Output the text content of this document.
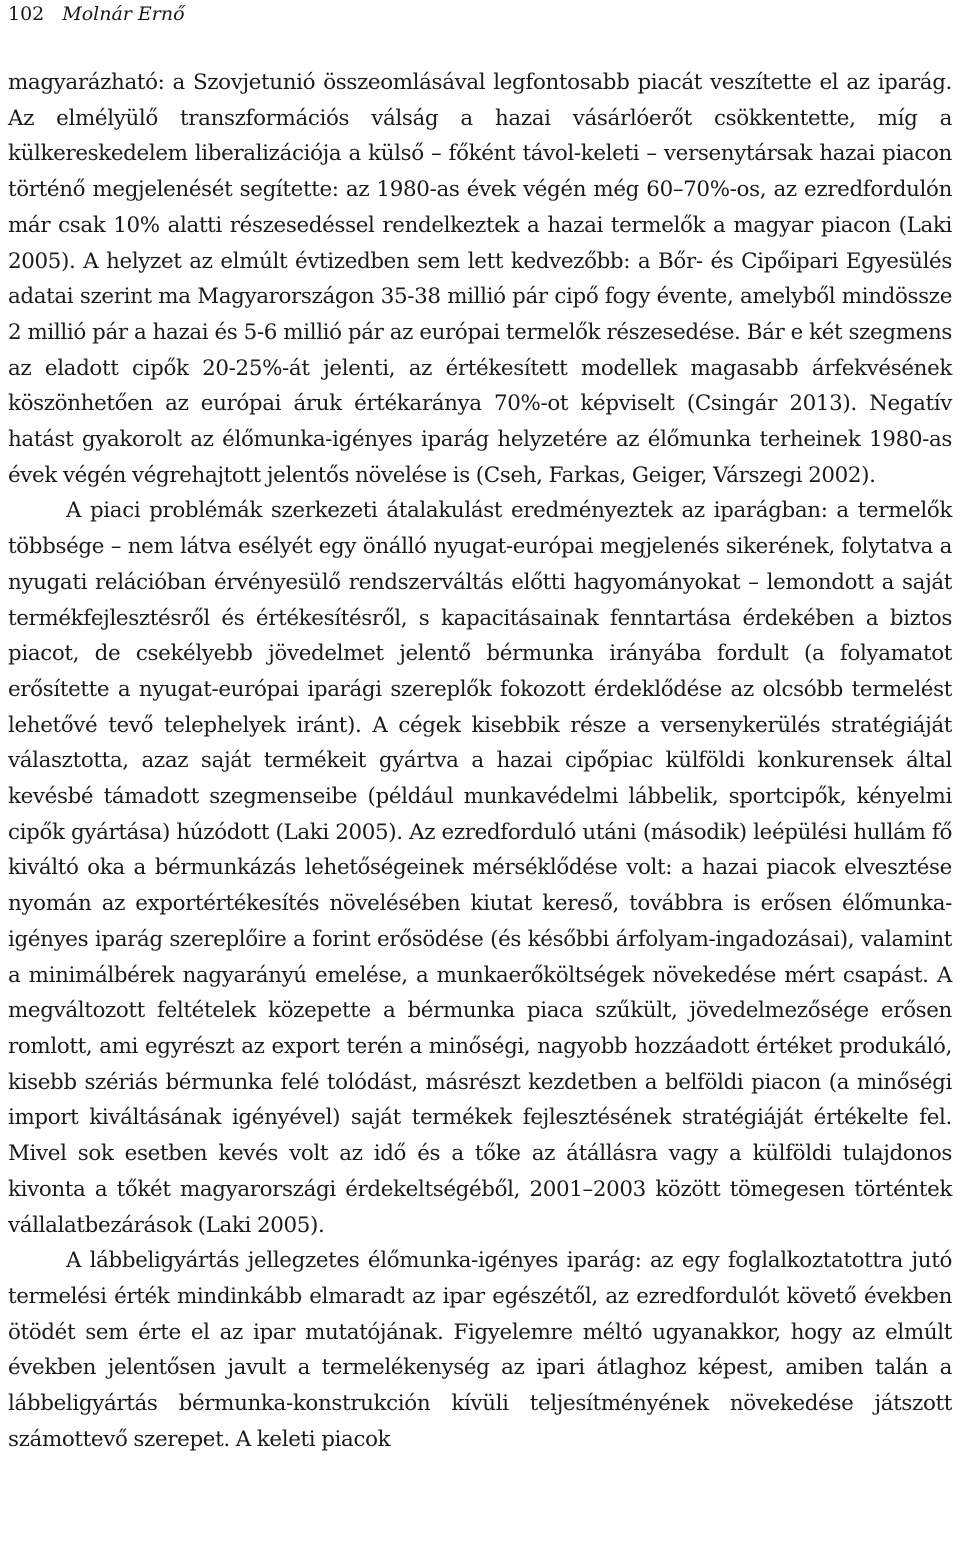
102 Molnár Ernő

magyarázható: a Szovjetunió összeomlásával legfontosabb piacát veszítette el az iparág. Az elmélyülő transzformációs válság a hazai vásárlóerőt csökkentette, míg a külkereskedelem liberalizációja a külső – főként távol-keleti – versenytársak hazai piacon történő megjelenését segítette: az 1980-as évek végén még 60–70%-os, az ezredfordulón már csak 10% alatti részesedéssel rendelkeztek a hazai termelők a magyar piacon (Laki 2005). A helyzet az elmúlt évtizedben sem lett kedvezőbb: a Bőr- és Cipőipari Egyesülés adatai szerint ma Magyarországon 35-38 millió pár cipő fogy évente, amelyből mindössze 2 millió pár a hazai és 5-6 millió pár az európai termelők részesedése. Bár e két szegmens az eladott cipők 20-25%-át jelenti, az értékesített modellek magasabb árfekvésének köszönhetően az európai áruk értékaránya 70%-ot képviselt (Csingár 2013). Negatív hatást gyakorolt az élőmunka-igényes iparág helyzetére az élőmunka terheinek 1980-as évek végén végrehajtott jelentős növelése is (Cseh, Farkas, Geiger, Várszegi 2002).

A piaci problémák szerkezeti átalakulást eredményeztek az iparágban: a termelők többsége – nem látva esélyét egy önálló nyugat-európai megjelenés sikerének, folytatva a nyugati relációban érvényesülő rendszerváltás előtti hagyományokat – lemondott a saját termékfejlesztésről és értékesítésről, s kapacitásainak fenntartása érdekében a biztos piacot, de csekélyebb jövedelmet jelentő bérmunka irányába fordult (a folyamatot erősítette a nyugat-európai iparági szereplők fokozott érdeklődése az olcsóbb termelést lehetővé tevő telephelyek iránt). A cégek kisebbik része a versenykerülés stratégiáját választotta, azaz saját termékeit gyártva a hazai cipőpiac külföldi konkurensek által kevésbé támadott szegmenseibe (például munkavédelmi lábbelik, sportcipők, kényelmi cipők gyártása) húzódott (Laki 2005). Az ezredforduló utáni (második) leépülési hullám fő kiváltó oka a bérmunkázás lehetőségeinek mérséklődése volt: a hazai piacok elvesztése nyomán az exportértékesítés növelésében kiutat kereső, továbbra is erősen élőmunka-igényes iparág szereplőire a forint erősödése (és későbbi árfolyam-ingadozásai), valamint a minimálbérek nagyarányú emelése, a munkaerőköltségek növekedése mért csapást. A megváltozott feltételek közepette a bérmunka piaca szűkült, jövedelmezősége erősen romlott, ami egyrészt az export terén a minőségi, nagyobb hozzáadott értéket produkáló, kisebb szériás bérmunka felé tolódást, másrészt kezdetben a belföldi piacon (a minőségi import kiváltásának igényével) saját termékek fejlesztésének stratégiáját értékelte fel. Mivel sok esetben kevés volt az idő és a tőke az átállásra vagy a külföldi tulajdonos kivonta a tőkét magyarországi érdekeltségéből, 2001–2003 között tömegesen történtek vállalatbezárások (Laki 2005).

A lábbeligyártás jellegzetes élőmunka-igényes iparág: az egy foglalkoztatottra jutó termelési érték mindinkább elmaradt az ipar egészétől, az ezredfordulót követő években ötödét sem érte el az ipar mutatójának. Figyelemre méltó ugyanakkor, hogy az elmúlt években jelentősen javult a termelékenység az ipari átlaghoz képest, amiben talán a lábbeligyártás bérmunka-konstrukción kívüli teljesítményének növekedése játszott számottevő szerepet. A keleti piacok
